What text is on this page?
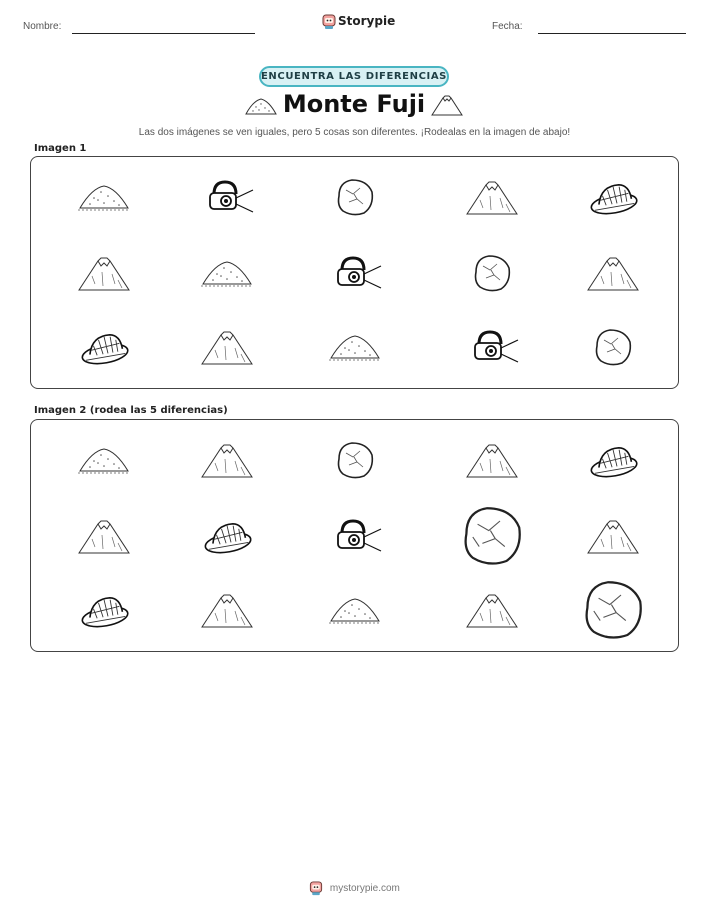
Nombre:	Storypie	Fecha:
ENCUENTRA LAS DIFERENCIAS
Monte Fuji
Las dos imágenes se ven iguales, pero 5 cosas son diferentes. ¡Rodealas en la imagen de abajo!
Imagen 1
Imagen 2 (rodea las 5 diferencias)
mystorypie.com
